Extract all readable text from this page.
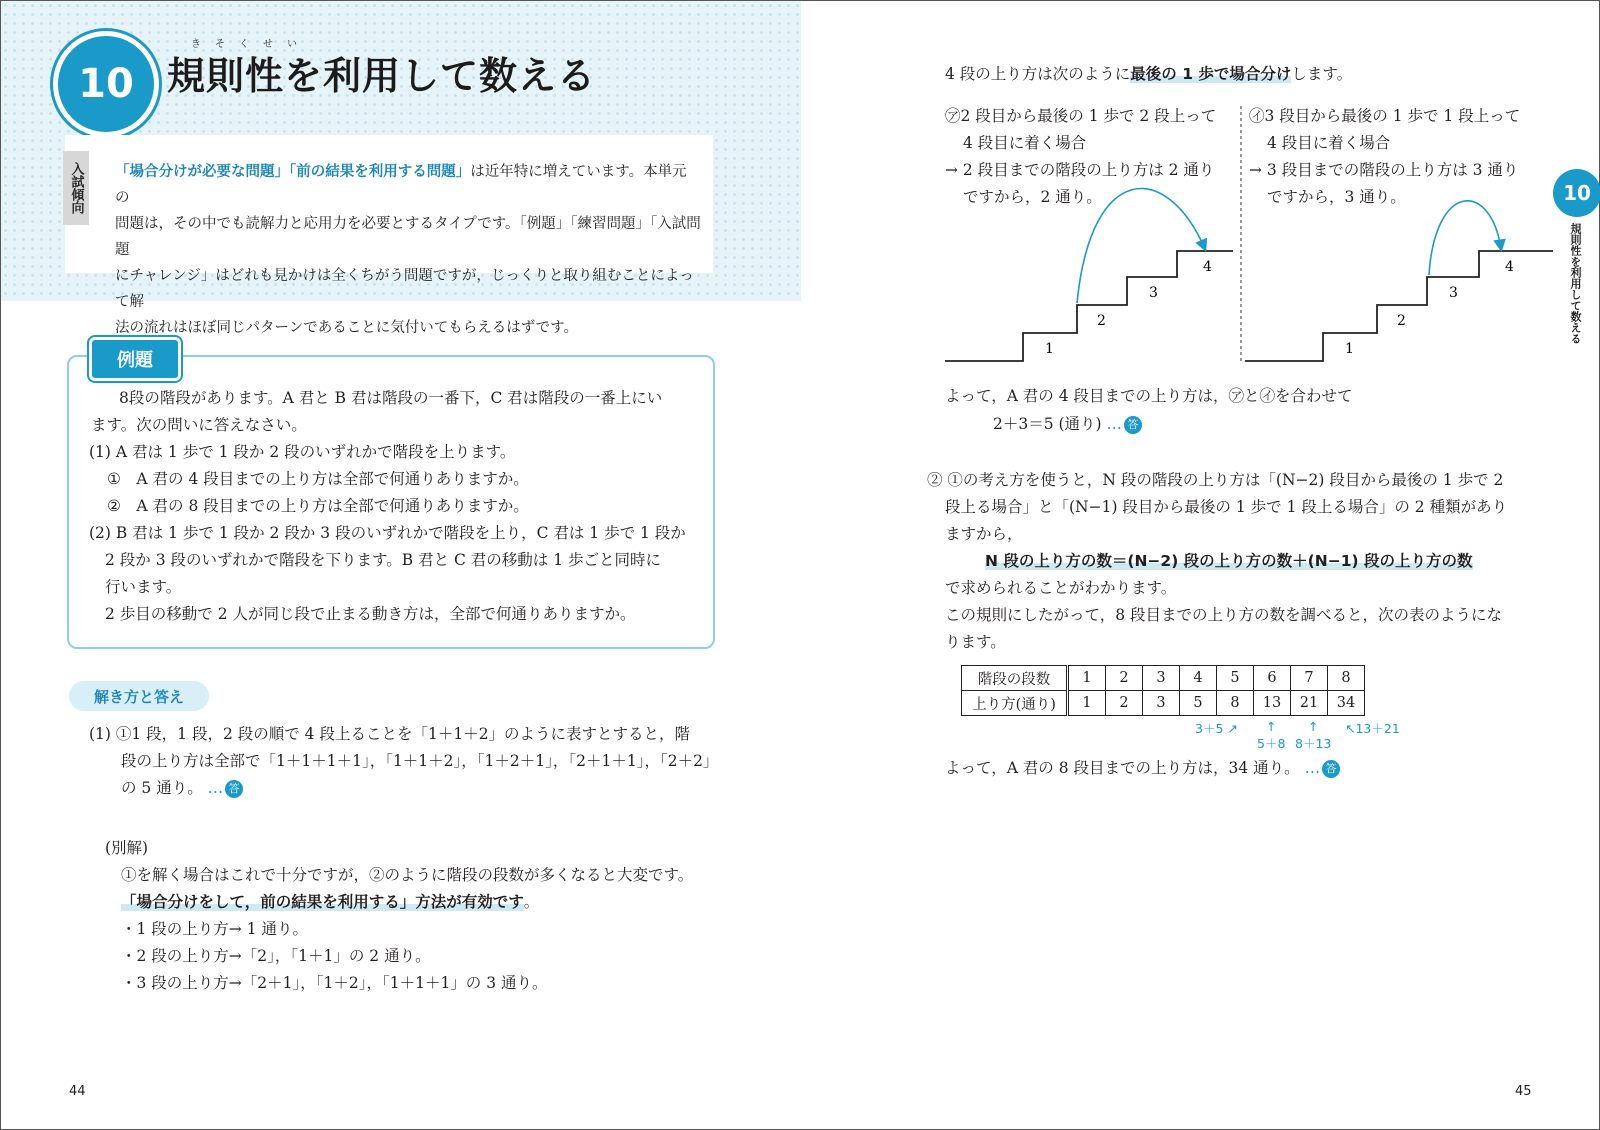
10
きそくせい
規則性を利用して数える
入試傾向	「場合分けが必要な問題」「前の結果を利用する問題」は近年特に増えています。本単元の
問題は，その中でも読解力と応用力を必要とするタイプです。「例題」「練習問題」「入試問題
にチャレンジ」はどれも見かけは全くちがう問題ですが，じっくりと取り組むことによって解
法の流れはほぼ同じパターンであることに気付いてもらえるはずです。
例題
8段の階段があります。A 君と B 君は階段の一番下，C 君は階段の一番上にい
ます。次の問いに答えなさい。
(1) A 君は 1 歩で 1 段か 2 段のいずれかで階段を上ります。
①　A 君の 4 段目までの上り方は全部で何通りありますか。
②　A 君の 8 段目までの上り方は全部で何通りありますか。
(2) B 君は 1 歩で 1 段か 2 段か 3 段のいずれかで階段を上り，C 君は 1 歩で 1 段か
2 段か 3 段のいずれかで階段を下ります。B 君と C 君の移動は 1 歩ごと同時に
行います。
2 歩目の移動で 2 人が同じ段で止まる動き方は，全部で何通りありますか。
解き方と答え
(1) ①1 段，1 段，2 段の順で 4 段上ることを「1＋1＋2」のように表すとすると，階
段の上り方は全部で「1＋1＋1＋1」，「1＋1＋2」，「1＋2＋1」，「2＋1＋1」，「2＋2」
の 5 通り。 … 答
(別解)
①を解く場合はこれで十分ですが，②のように階段の段数が多くなると大変です。
「場合分けをして，前の結果を利用する」方法が有効です。
・1 段の上り方→ 1 通り。
・2 段の上り方→「2」，「1＋1」の 2 通り。
・3 段の上り方→「2＋1」，「1＋2」，「1＋1＋1」の 3 通り。
44
4 段の上り方は次のように最後の 1 歩で場合分けします。
㋐2 段目から最後の 1 歩で 2 段上って
4 段目に着く場合
→ 2 段目までの階段の上り方は 2 通り
ですから，2 通り。
㋑3 段目から最後の 1 歩で 1 段上って
4 段目に着く場合
→ 3 段目までの階段の上り方は 3 通り
ですから，3 通り。
1
2
3
4
1
2
3
4
よって，A 君の 4 段目までの上り方は，㋐と㋑を合わせて
2＋3＝5 (通り) … 答
② ①の考え方を使うと，N 段の階段の上り方は「(N−2) 段目から最後の 1 歩で 2
段上る場合」と「(N−1) 段目から最後の 1 歩で 1 段上る場合」の 2 種類があり
ますから，
N 段の上り方の数＝(N−2) 段の上り方の数＋(N−1) 段の上り方の数
で求められることがわかります。
この規則にしたがって，8 段目までの上り方の数を調べると，次の表のようにな
ります。
階段の段数	1	2	3	4	5	6	7	8
上り方(通り)	1	2	3	5	8	13	21	34
3＋5 ↗	↑
5＋8
↑
8＋13
↖13＋21
よって，A 君の 8 段目までの上り方は，34 通り。 … 答
10
規則性を利用して数える
45
